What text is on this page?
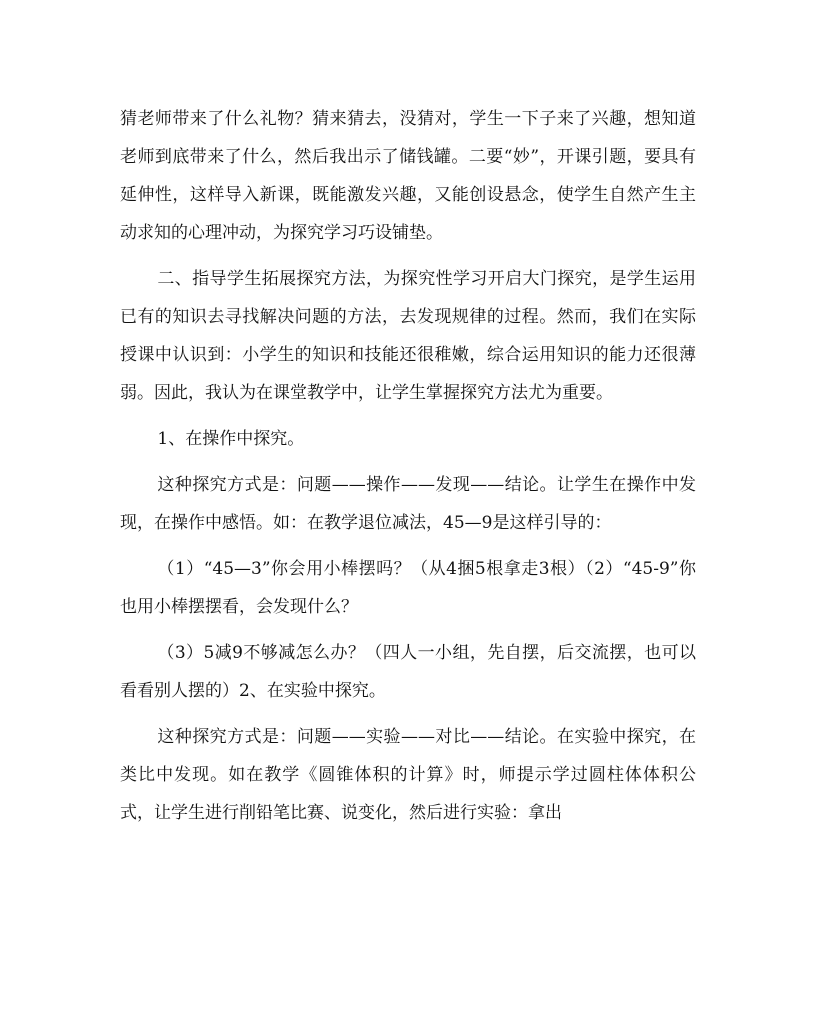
猜老师带来了什么礼物？猜来猜去，没猜对，学生一下子来了兴趣，想知道老师到底带来了什么，然后我出示了储钱罐。二要“妙”，开课引题，要具有延伸性，这样导入新课，既能激发兴趣，又能创设悬念，使学生自然产生主动求知的心理冲动，为探究学习巧设铺垫。

二、指导学生拓展探究方法，为探究性学习开启大门探究，是学生运用已有的知识去寻找解决问题的方法，去发现规律的过程。然而，我们在实际授课中认识到：小学生的知识和技能还很稚嫩，综合运用知识的能力还很薄弱。因此，我认为在课堂教学中，让学生掌握探究方法尤为重要。

1、在操作中探究。

这种探究方式是：问题——操作——发现——结论。让学生在操作中发现，在操作中感悟。如：在教学退位减法，45—9是这样引导的：

（1）“45—3”你会用小棒摆吗？（从4捆5根拿走3根）（2）“45-9”你也用小棒摆摆看，会发现什么？

（3）5减9不够减怎么办？（四人一小组，先自摆，后交流摆，也可以看看别人摆的）2、在实验中探究。

这种探究方式是：问题——实验——对比——结论。在实验中探究，在类比中发现。如在教学《圆锥体积的计算》时，师提示学过圆柱体体积公式，让学生进行削铅笔比赛、说变化，然后进行实验：拿出
